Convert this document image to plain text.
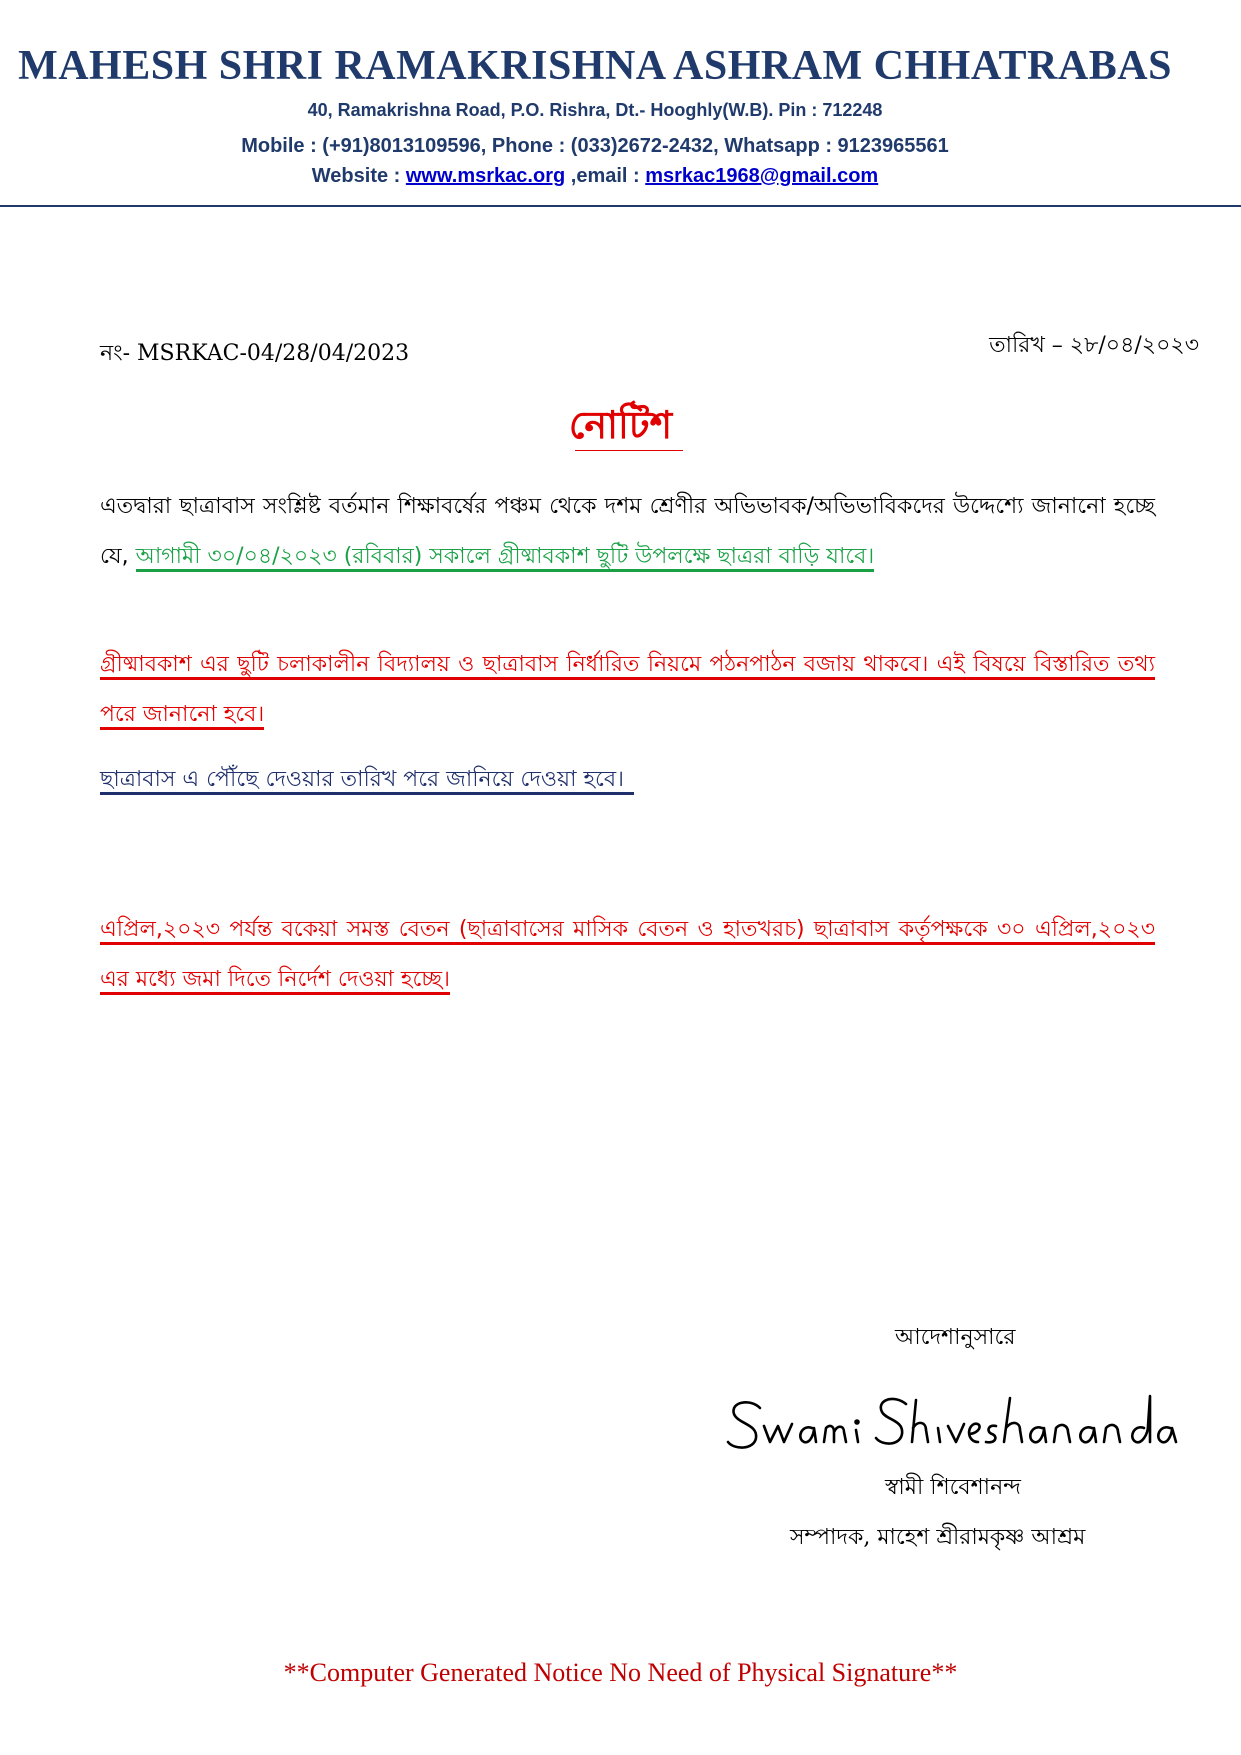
MAHESH SHRI RAMAKRISHNA ASHRAM CHHATRABAS
40, Ramakrishna Road, P.O. Rishra, Dt.- Hooghly(W.B). Pin : 712248
Mobile : (+91)8013109596, Phone : (033)2672-2432, Whatsapp : 9123965561
Website : www.msrkac.org ,email : msrkac1968@gmail.com
নং- MSRKAC-04/28/04/2023	তারিখ – ২৮/০৪/২০২৩
নোটিশ
এতদ্বারা ছাত্রাবাস সংশ্লিষ্ট বর্তমান শিক্ষাবর্ষের পঞ্চম থেকে দশম শ্রেণীর অভিভাবক/অভিভাবিকদের উদ্দেশ্যে জানানো হচ্ছে যে, আগামী ৩০/০৪/২০২৩ (রবিবার) সকালে গ্রীষ্মাবকাশ ছুটি উপলক্ষে ছাত্ররা বাড়ি যাবে।
গ্রীষ্মাবকাশ এর ছুটি চলাকালীন বিদ্যালয় ও ছাত্রাবাস নির্ধারিত নিয়মে পঠনপাঠন বজায় থাকবে। এই বিষয়ে বিস্তারিত তথ্য পরে জানানো হবে।
ছাত্রাবাস এ পৌঁছে দেওয়ার তারিখ পরে জানিয়ে দেওয়া হবে।
এপ্রিল,২০২৩ পর্যন্ত বকেয়া সমস্ত বেতন (ছাত্রাবাসের মাসিক বেতন ও হাতখরচ) ছাত্রাবাস কর্তৃপক্ষকে ৩০ এপ্রিল,২০২৩ এর মধ্যে জমা দিতে নির্দেশ দেওয়া হচ্ছে।
আদেশানুসারে
স্বামী শিবেশানন্দ
সম্পাদক, মাহেশ শ্রীরামকৃষ্ণ আশ্রম
**Computer Generated Notice No Need of Physical Signature**
